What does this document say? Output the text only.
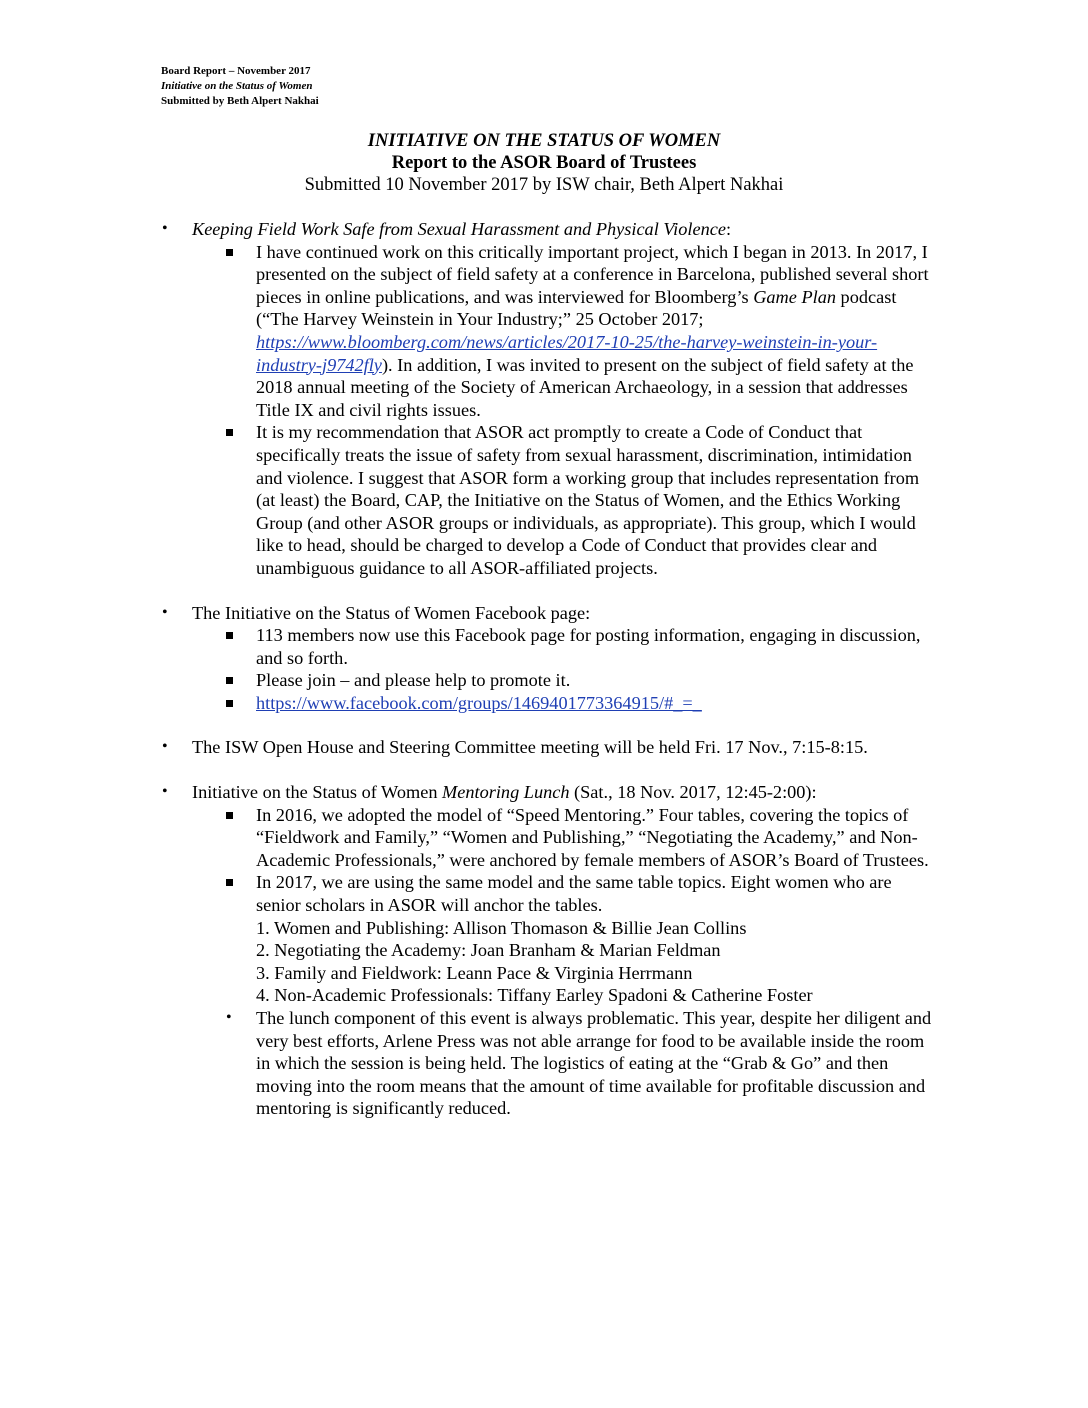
Board Report – November 2017
Initiative on the Status of Women
Submitted by Beth Alpert Nakhai
INITIATIVE ON THE STATUS OF WOMEN
Report to the ASOR Board of Trustees
Submitted 10 November 2017 by ISW chair, Beth Alpert Nakhai
• Keeping Field Work Safe from Sexual Harassment and Physical Violence:

I have continued work on this critically important project, which I began in 2013. In 2017, I presented on the subject of field safety at a conference in Barcelona, published several short pieces in online publications, and was interviewed for Bloomberg’s Game Plan podcast (“The Harvey Weinstein in Your Industry;” 25 October 2017; https://www.bloomberg.com/news/articles/2017-10-25/the-harvey-weinstein-in-your-industry-j9742fly). In addition, I was invited to present on the subject of field safety at the 2018 annual meeting of the Society of American Archaeology, in a session that addresses Title IX and civil rights issues.

It is my recommendation that ASOR act promptly to create a Code of Conduct that specifically treats the issue of safety from sexual harassment, discrimination, intimidation and violence. I suggest that ASOR form a working group that includes representation from (at least) the Board, CAP, the Initiative on the Status of Women, and the Ethics Working Group (and other ASOR groups or individuals, as appropriate). This group, which I would like to head, should be charged to develop a Code of Conduct that provides clear and unambiguous guidance to all ASOR-affiliated projects.

• The Initiative on the Status of Women Facebook page:

113 members now use this Facebook page for posting information, engaging in discussion, and so forth.

Please join – and please help to promote it.

https://www.facebook.com/groups/1469401773364915/#_=_

• The ISW Open House and Steering Committee meeting will be held Fri. 17 Nov., 7:15-8:15.
• Initiative on the Status of Women Mentoring Lunch (Sat., 18 Nov. 2017, 12:45-2:00):

In 2016, we adopted the model of “Speed Mentoring.” Four tables, covering the topics of “Fieldwork and Family,” “Women and Publishing,” “Negotiating the Academy,” and Non-Academic Professionals,” were anchored by female members of ASOR’s Board of Trustees.

In 2017, we are using the same model and the same table topics. Eight women who are senior scholars in ASOR will anchor the tables.

1. Women and Publishing: Allison Thomason & Billie Jean Collins

2. Negotiating the Academy: Joan Branham & Marian Feldman

3. Family and Fieldwork: Leann Pace & Virginia Herrmann

4. Non-Academic Professionals: Tiffany Earley Spadoni & Catherine Foster

• The lunch component of this event is always problematic. This year, despite her diligent and very best efforts, Arlene Press was not able arrange for food to be available inside the room in which the session is being held. The logistics of eating at the “Grab & Go” and then moving into the room means that the amount of time available for profitable discussion and mentoring is significantly reduced.
